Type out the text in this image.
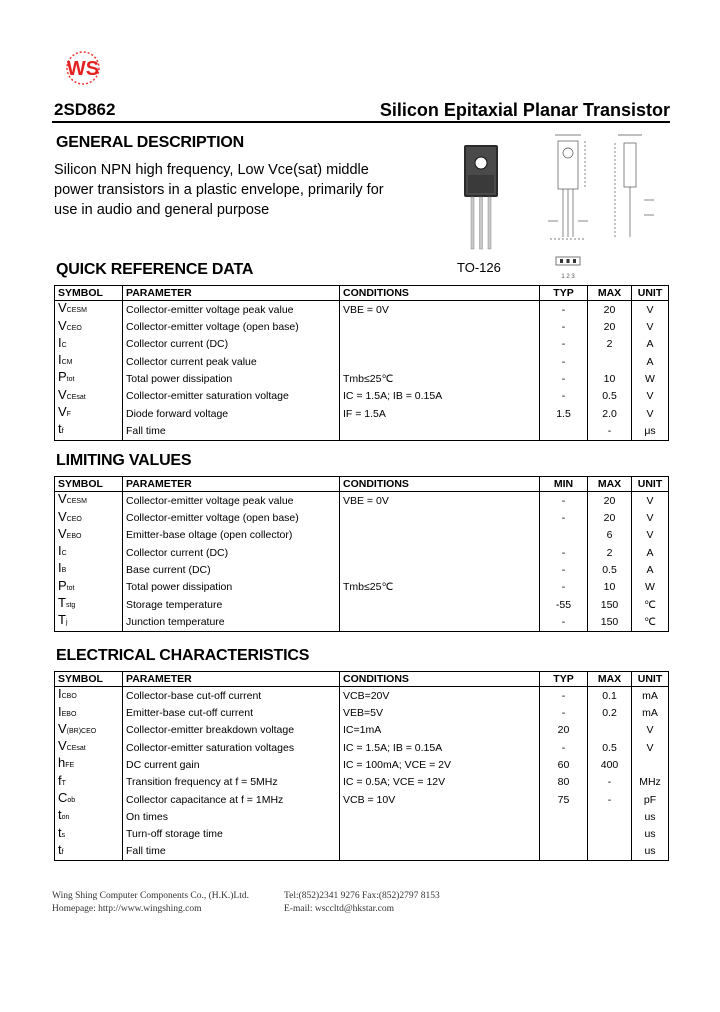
WS
2SD862	Silicon Epitaxial Planar Transistor
GENERAL DESCRIPTION
Silicon NPN high frequency, Low Vce(sat) middle
power transistors in a plastic envelope, primarily for
use in audio and general purpose
1 2 3
TO-126
QUICK REFERENCE DATA
SYMBOL	PARAMETER	CONDITIONS	TYP	MAX	UNIT
VCESM	Collector-emitter voltage peak value	VBE = 0V	-	20	V
VCEO	Collector-emitter voltage (open base)		-	20	V
IC	Collector current (DC)		-	2	A
ICM	Collector current peak value		-		A
Ptot	Total power dissipation	Tmb≤25℃	-	10	W
VCEsat	Collector-emitter saturation voltage	IC = 1.5A; IB = 0.15A	-	0.5	V
VF	Diode forward voltage	IF = 1.5A	1.5	2.0	V
tf	Fall time			-	μs
LIMITING VALUES
SYMBOL	PARAMETER	CONDITIONS	MIN	MAX	UNIT
VCESM	Collector-emitter voltage peak value	VBE = 0V	-	20	V
VCEO	Collector-emitter voltage (open base)		-	20	V
VEBO	Emitter-base oltage (open collector)			6	V
IC	Collector current (DC)		-	2	A
IB	Base current (DC)		-	0.5	A
Ptot	Total power dissipation	Tmb≤25℃	-	10	W
Tstg	Storage temperature		-55	150	℃
Tj	Junction temperature		-	150	℃
ELECTRICAL CHARACTERISTICS
SYMBOL	PARAMETER	CONDITIONS	TYP	MAX	UNIT
ICBO	Collector-base cut-off current	VCB=20V	-	0.1	mA
IEBO	Emitter-base cut-off current	VEB=5V	-	0.2	mA
V(BR)CEO	Collector-emitter breakdown voltage	IC=1mA	20		V
VCEsat	Collector-emitter saturation voltages	IC = 1.5A; IB = 0.15A	-	0.5	V
hFE	DC current gain	IC = 100mA; VCE = 2V	60	400	
fT	Transition frequency at f = 5MHz	IC = 0.5A; VCE = 12V	80	-	MHz
Cob	Collector capacitance at f = 1MHz	VCB = 10V	75	-	pF
ton	On times				us
ts	Turn-off storage time				us
tf	Fall time				us
Wing Shing Computer Components Co., (H.K.)Ltd.	Tel:(852)2341 9276 Fax:(852)2797 8153
Homepage: http://www.wingshing.com	E-mail: wsccltd@hkstar.com
